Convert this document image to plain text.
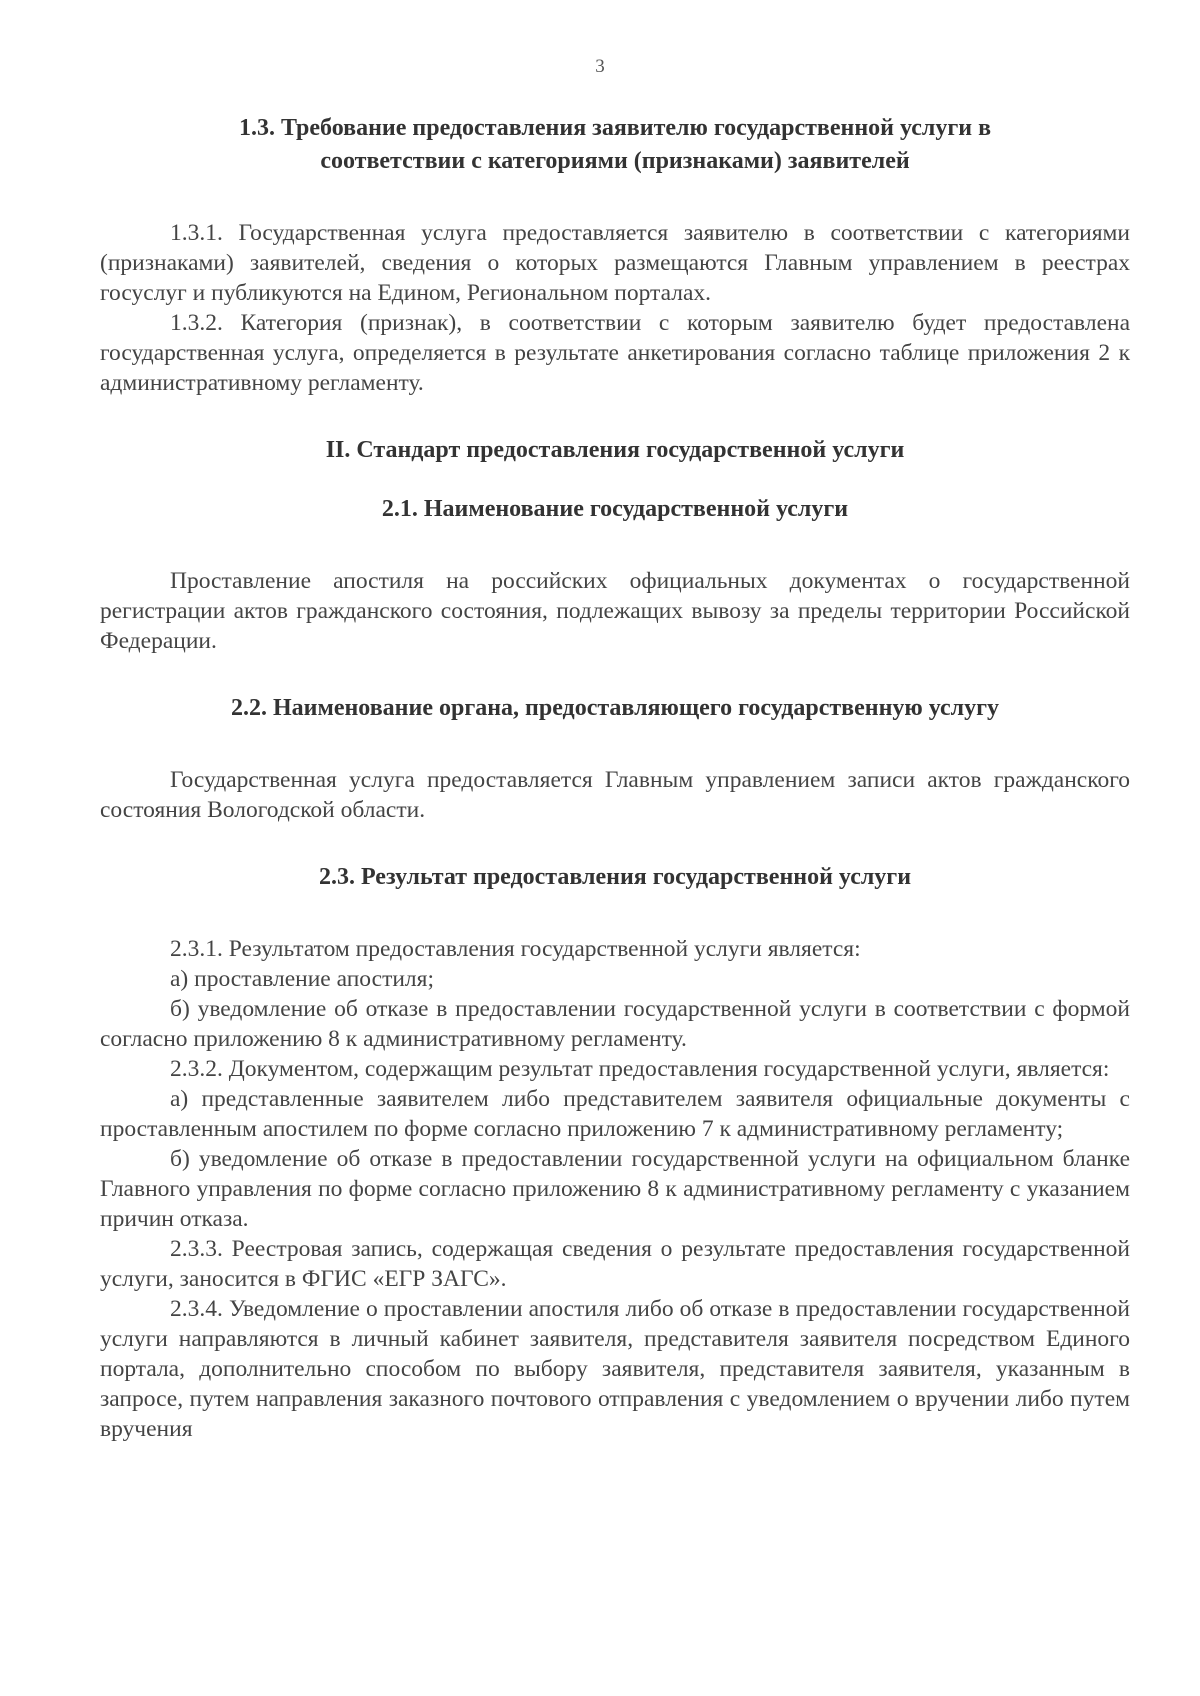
3

1.3. Требование предоставления заявителю государственной услуги в

соответствии с категориями (признаками) заявителей

1.3.1. Государственная услуга предоставляется заявителю в соответствии с категориями (признаками) заявителей, сведения о которых размещаются Главным управлением в реестрах госуслуг и публикуются на Едином, Региональном порталах.

1.3.2. Категория (признак), в соответствии с которым заявителю будет предоставлена государственная услуга, определяется в результате анкетирования согласно таблице приложения 2 к административному регламенту.

II. Стандарт предоставления государственной услуги

2.1. Наименование государственной услуги

Проставление апостиля на российских официальных документах о государственной регистрации актов гражданского состояния, подлежащих вывозу за пределы территории Российской Федерации.

2.2. Наименование органа, предоставляющего государственную услугу

Государственная услуга предоставляется Главным управлением записи актов гражданского состояния Вологодской области.

2.3. Результат предоставления государственной услуги

2.3.1. Результатом предоставления государственной услуги является:

а) проставление апостиля;

б) уведомление об отказе в предоставлении государственной услуги в соответствии с формой согласно приложению 8 к административному регламенту.

2.3.2. Документом, содержащим результат предоставления государственной услуги, является:

а) представленные заявителем либо представителем заявителя официальные документы с проставленным апостилем по форме согласно приложению 7 к административному регламенту;

б) уведомление об отказе в предоставлении государственной услуги на официальном бланке Главного управления по форме согласно приложению 8 к административному регламенту с указанием причин отказа.

2.3.3. Реестровая запись, содержащая сведения о результате предоставления государственной услуги, заносится в ФГИС «ЕГР ЗАГС».

2.3.4. Уведомление о проставлении апостиля либо об отказе в предоставлении государственной услуги направляются в личный кабинет заявителя, представителя заявителя посредством Единого портала, дополнительно способом по выбору заявителя, представителя заявителя, указанным в запросе, путем направления заказного почтового отправления с уведомлением о вручении либо путем вручения
